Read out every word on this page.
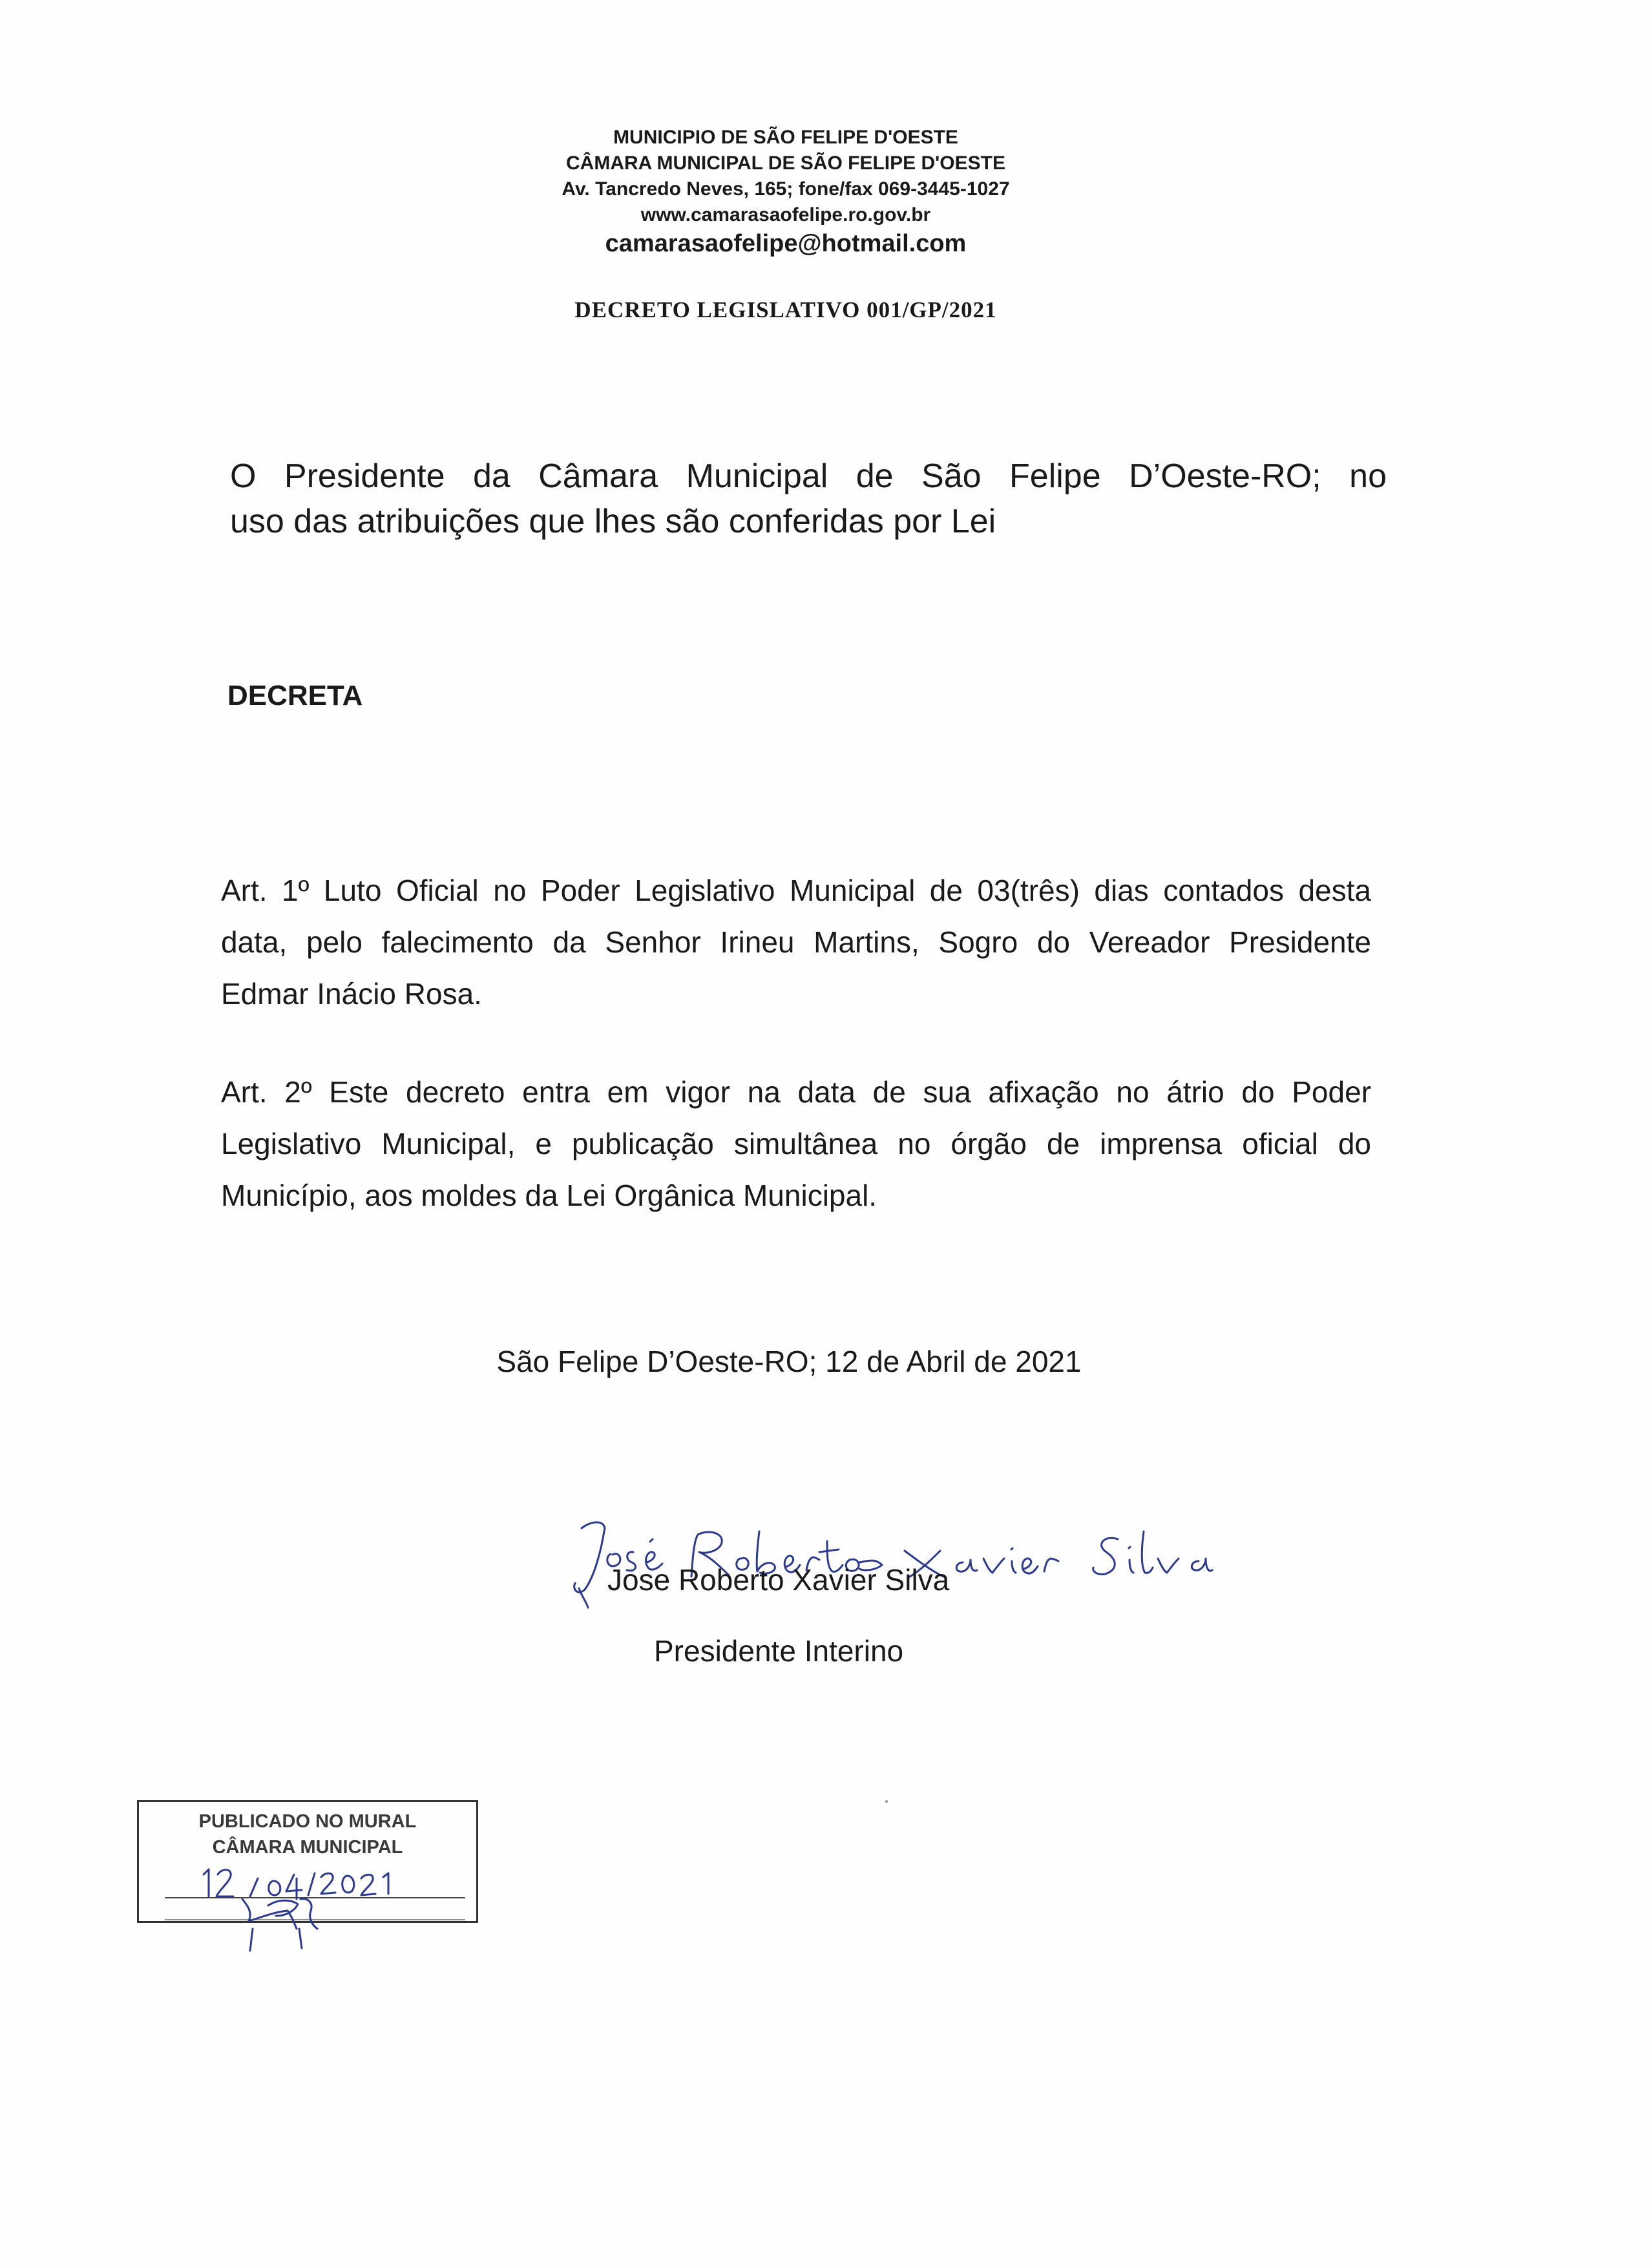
MUNICIPIO DE SÃO FELIPE D'OESTE
CÂMARA MUNICIPAL DE SÃO FELIPE D'OESTE
Av. Tancredo Neves, 165; fone/fax 069-3445-1027
www.camarasaofelipe.ro.gov.br
camarasaofelipe@hotmail.com
DECRETO LEGISLATIVO 001/GP/2021
O Presidente da Câmara Municipal de São Felipe D’Oeste-RO; no
uso das atribuições que lhes são conferidas por Lei
DECRETA
Art. 1º Luto Oficial no Poder Legislativo Municipal de 03(três) dias contados desta
data, pelo falecimento da Senhor Irineu Martins, Sogro do Vereador Presidente
Edmar Inácio Rosa.
Art. 2º Este decreto entra em vigor na data de sua afixação no átrio do Poder
Legislativo Municipal, e publicação simultânea no órgão de imprensa oficial do
Município, aos moldes da Lei Orgânica Municipal.
São Felipe D’Oeste-RO; 12 de Abril de 2021
Jose Roberto Xavier Silva
Presidente Interino
PUBLICADO NO MURAL
CÂMARA MUNICIPAL
